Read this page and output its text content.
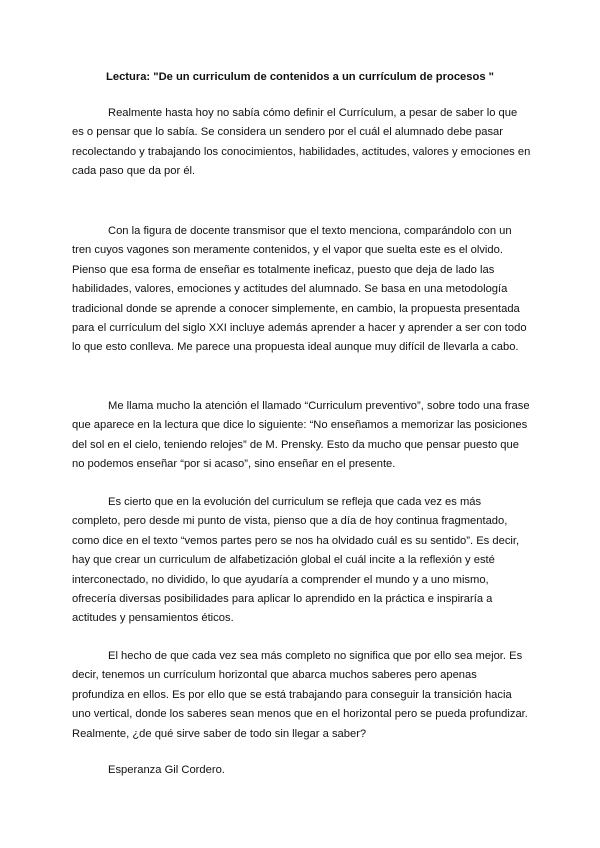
Lectura: "De un curriculum de contenidos a un currículum de procesos "

Realmente hasta hoy no sabía cómo definir el Currículum, a pesar de saber lo que es o pensar que lo sabía. Se considera un sendero por el cuál el alumnado debe pasar recolectando y trabajando los conocimientos, habilidades, actitudes, valores y emociones en cada paso que da por él.

Con la figura de docente transmisor que el texto menciona, comparándolo con un tren cuyos vagones son meramente contenidos, y el vapor que suelta este es el olvido. Pienso que esa forma de enseñar es totalmente ineficaz, puesto que deja de lado las habilidades, valores, emociones y actitudes del alumnado. Se basa en una metodología tradicional donde se aprende a conocer simplemente, en cambio, la propuesta presentada para el currículum del siglo XXI incluye además aprender a hacer y aprender a ser con todo lo que esto conlleva. Me parece una propuesta ideal aunque muy difícil de llevarla a cabo.

Me llama mucho la atención el llamado “Curriculum preventivo”, sobre todo una frase que aparece en la lectura que dice lo siguiente: “No enseñamos a memorizar las posiciones del sol en el cielo, teniendo relojes” de M. Prensky. Esto da mucho que pensar puesto que no podemos enseñar “por si acaso”, sino enseñar en el presente.

Es cierto que en la evolución del curriculum se refleja que cada vez es más completo, pero desde mi punto de vista, pienso que a día de hoy continua fragmentado, como dice en el texto “vemos partes pero se nos ha olvidado cuál es su sentido”. Es decir, hay que crear un curriculum de alfabetización global el cuál incite a la reflexión y esté interconectado, no dividido, lo que ayudaría a comprender el mundo y a uno mismo, ofrecería diversas posibilidades para aplicar lo aprendido en la práctica e inspiraría a actitudes y pensamientos éticos.

El hecho de que cada vez sea más completo no significa que por ello sea mejor. Es decir, tenemos un currículum horizontal que abarca muchos saberes pero apenas profundiza en ellos. Es por ello que se está trabajando para conseguir la transición hacia uno vertical, donde los saberes sean menos que en el horizontal pero se pueda profundizar. Realmente, ¿de qué sirve saber de todo sin llegar a saber?

Esperanza Gil Cordero.
